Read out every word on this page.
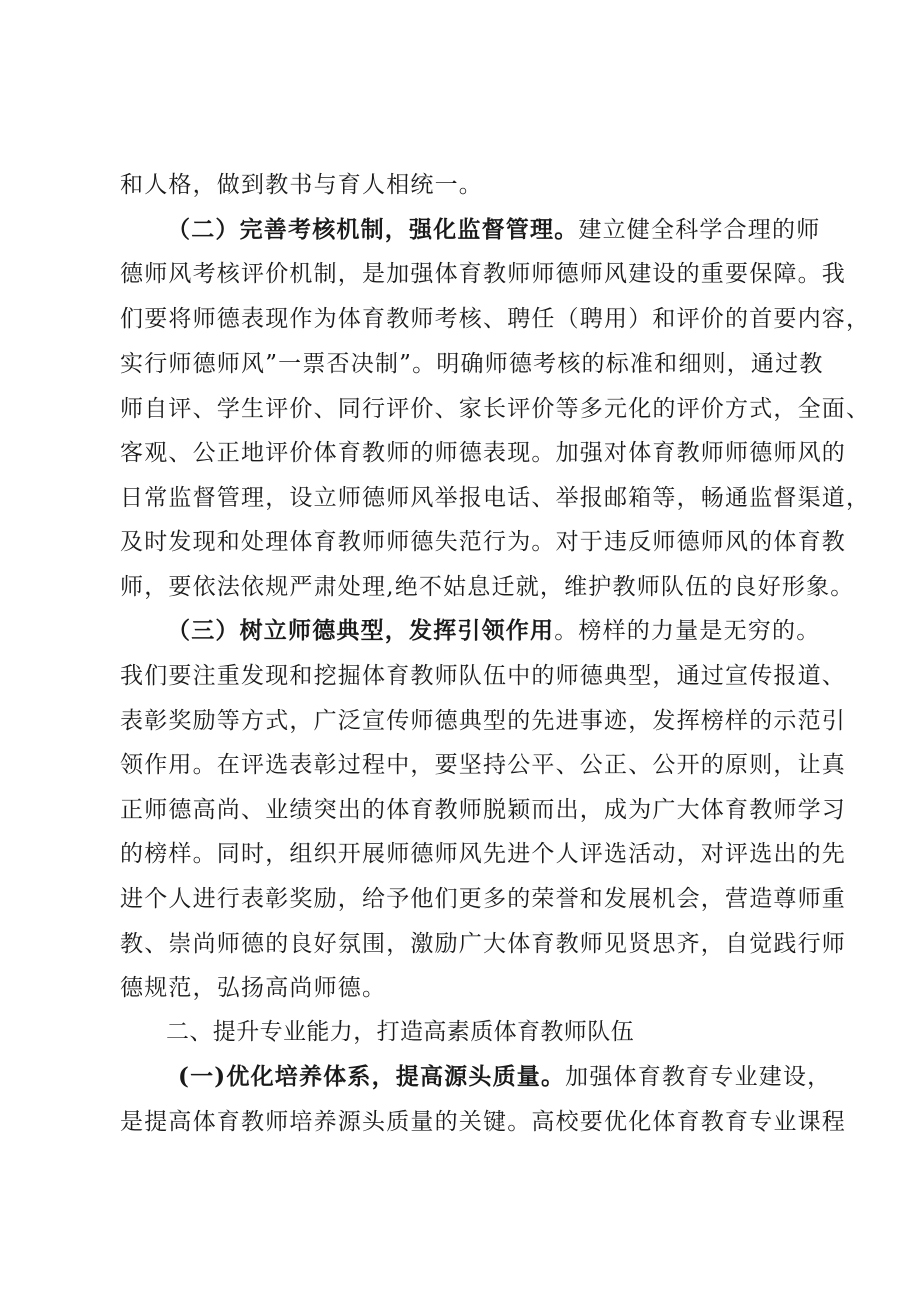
和人格，做到教书与育人相统一。
（二）完善考核机制，强化监督管理。建立健全科学合理的师
德师风考核评价机制，是加强体育教师师德师风建设的重要保障。我
们要将师德表现作为体育教师考核、聘任（聘用）和评价的首要内容，
实行师德师风”一票否决制”。明确师德考核的标准和细则，通过教
师自评、学生评价、同行评价、家长评价等多元化的评价方式，全面、
客观、公正地评价体育教师的师德表现。加强对体育教师师德师风的
日常监督管理，设立师德师风举报电话、举报邮箱等，畅通监督渠道，
及时发现和处理体育教师师德失范行为。对于违反师德师风的体育教
师，要依法依规严肃处理,绝不姑息迁就，维护教师队伍的良好形象。
（三）树立师德典型，发挥引领作用。榜样的力量是无穷的。
我们要注重发现和挖掘体育教师队伍中的师德典型，通过宣传报道、
表彰奖励等方式，广泛宣传师德典型的先进事迹，发挥榜样的示范引
领作用。在评选表彰过程中，要坚持公平、公正、公开的原则，让真
正师德高尚、业绩突出的体育教师脱颖而出，成为广大体育教师学习
的榜样。同时，组织开展师德师风先进个人评选活动，对评选出的先
进个人进行表彰奖励，给予他们更多的荣誉和发展机会，营造尊师重
教、崇尚师德的良好氛围，激励广大体育教师见贤思齐，自觉践行师
德规范，弘扬高尚师德。
二、提升专业能力，打造高素质体育教师队伍
(一)优化培养体系，提高源头质量。加强体育教育专业建设，
是提高体育教师培养源头质量的关键。高校要优化体育教育专业课程
